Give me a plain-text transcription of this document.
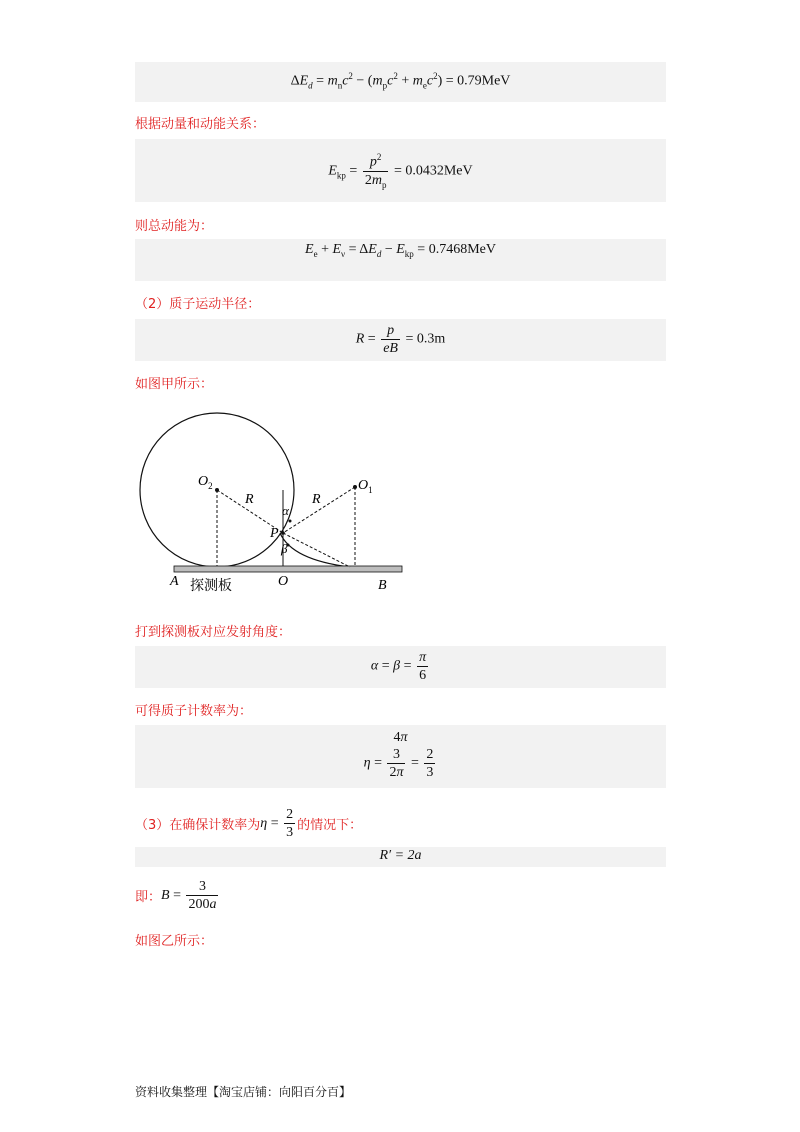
$\Delta E_d = m_nc^2 - (m_pc^2 + m_ec^2) = 0.79MeV$
根据动量和动能关系：
$E_{kp} = \frac{p^2}{2m_p} = 0.0432MeV$
则总动能为：
$E_e + E_\nu = \Delta E_d - E_{kp} = 0.7468MeV$
（2）质子运动半径：
$R = \frac{p}{eB} = 0.3m$
如图甲所示：
$O_2$	$O_1$
R	R
α
P
β
A 探测板	O	B
打到探测板对应发射角度：
$\alpha = \beta = \frac{\pi}{6}$
可得质子计数率为：
4π
$\eta = \frac{3}{2\pi} = \frac{2}{3}$
（3）在确保计数率为$\eta = \frac{2}{3}$ 的情况下：
R′ = 2a
即：$B = \frac{3}{200a}$
如图乙所示：
资料收集整理【淘宝店铺：向阳百分百】
